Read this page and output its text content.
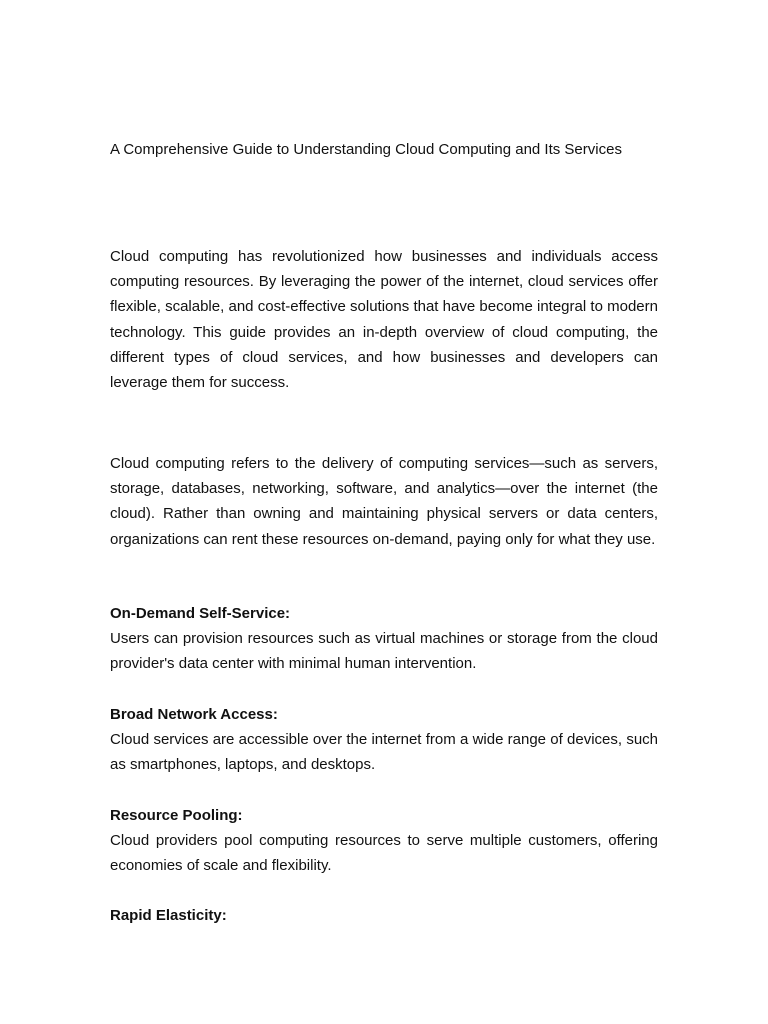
A Comprehensive Guide to Understanding Cloud Computing and Its Services

Cloud computing has revolutionized how businesses and individuals access computing resources. By leveraging the power of the internet, cloud services offer flexible, scalable, and cost-effective solutions that have become integral to modern technology. This guide provides an in-depth overview of cloud computing, the different types of cloud services, and how businesses and developers can leverage them for success.

Cloud computing refers to the delivery of computing services—such as servers, storage, databases, networking, software, and analytics—over the internet (the cloud). Rather than owning and maintaining physical servers or data centers, organizations can rent these resources on-demand, paying only for what they use.

On-Demand Self-Service:

Users can provision resources such as virtual machines or storage from the cloud provider's data center with minimal human intervention.

Broad Network Access:

Cloud services are accessible over the internet from a wide range of devices, such as smartphones, laptops, and desktops.

Resource Pooling:

Cloud providers pool computing resources to serve multiple customers, offering economies of scale and flexibility.

Rapid Elasticity:
